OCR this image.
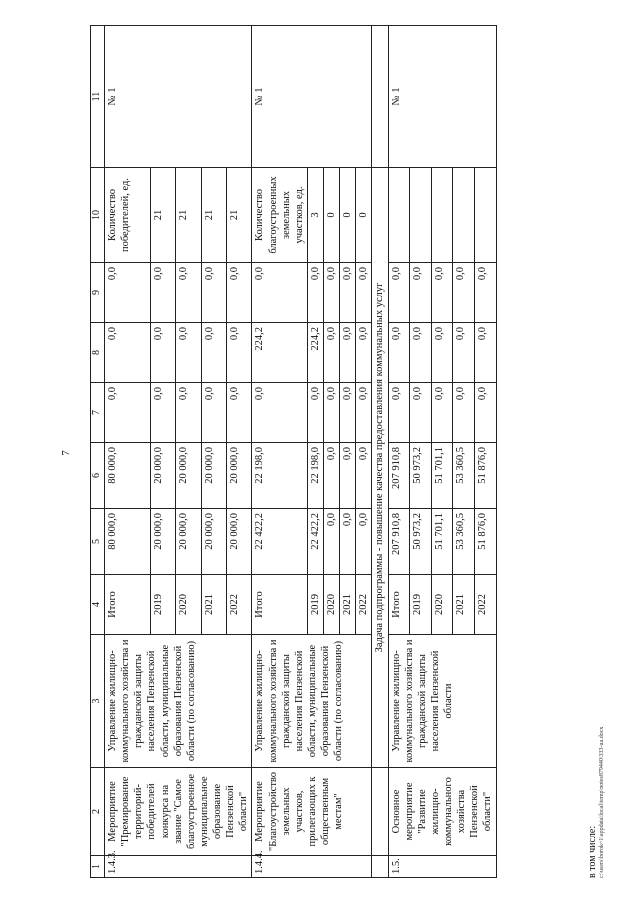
7
1	2	3	4	5	6	7	8	9	10	11
1.4.3.	Мероприятие "Премирование территорий-победителей конкурса на звание "Самое благоустроенное муниципальное образование Пензенской области"	Управление жилищно-коммунального хозяйства и гражданской защиты населения Пензенской области, муниципальные образования Пензенской области (по согласованию)	Итого	80 000,0	80 000,0	0,0	0,0	0,0	Количество победителей, ед.	№ 1
			2019	20 000,0	20 000,0	0,0	0,0	0,0	21	
			2020	20 000,0	20 000,0	0,0	0,0	0,0	21	
			2021	20 000,0	20 000,0	0,0	0,0	0,0	21	
			2022	20 000,0	20 000,0	0,0	0,0	0,0	21	
1.4.4.	Мероприятие "Благоустройство земельных участков, прилегающих к общественным местам"	Управление жилищно-коммунального хозяйства и гражданской защиты населения Пензенской области, муниципальные образования Пензенской области (по согласованию)	Итого	22 422,2	22 198,0	0,0	224,2	0,0	Количество благоустроенных земельных участков, ед.	№ 1
			2019	22 422,2	22 198,0	0,0	224,2	0,0	3	
			2020	0,0	0,0	0,0	0,0	0,0	0	
			2021	0,0	0,0	0,0	0,0	0,0	0	
			2022	0,0	0,0	0,0	0,0	0,0	0	
		Задача подпрограммы - повышение качества предоставления коммунальных услуг								
1.5.	Основное мероприятие "Развитие жилищно-коммунального хозяйства Пензенской области"	Управление жилищно-коммунального хозяйства и гражданской защиты населения Пензенской области	Итого	207 910,8	207 910,8	0,0	0,0	0,0		№ 1
			2019	50 973,2	50 973,2	0,0	0,0	0,0		
			2020	51 701,1	51 701,1	0,0	0,0	0,0		
			2021	53 360,5	53 360,5	0,0	0,0	0,0		
			2022	51 876,0	51 876,0	0,0	0,0	0,0		
в том числе: c:\users\borok~1\appdata\local\temp\notes879440\333-ua.docx
